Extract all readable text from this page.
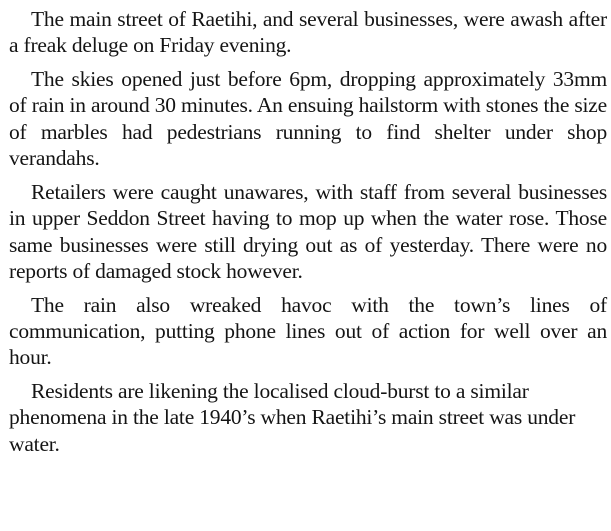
The main street of Raetihi, and several businesses, were awash after a freak deluge on Friday evening.

The skies opened just before 6pm, dropping approximately 33mm of rain in around 30 minutes. An ensuing hailstorm with stones the size of marbles had pedestrians running to find shelter under shop verandahs.

Retailers were caught unawares, with staff from several businesses in upper Seddon Street having to mop up when the water rose. Those same businesses were still drying out as of yesterday. There were no reports of damaged stock however.

The rain also wreaked havoc with the town’s lines of communication, putting phone lines out of action for well over an hour.

Residents are likening the localised cloud-burst to a similar phenomena in the late 1940’s when Raetihi’s main street was under water.
